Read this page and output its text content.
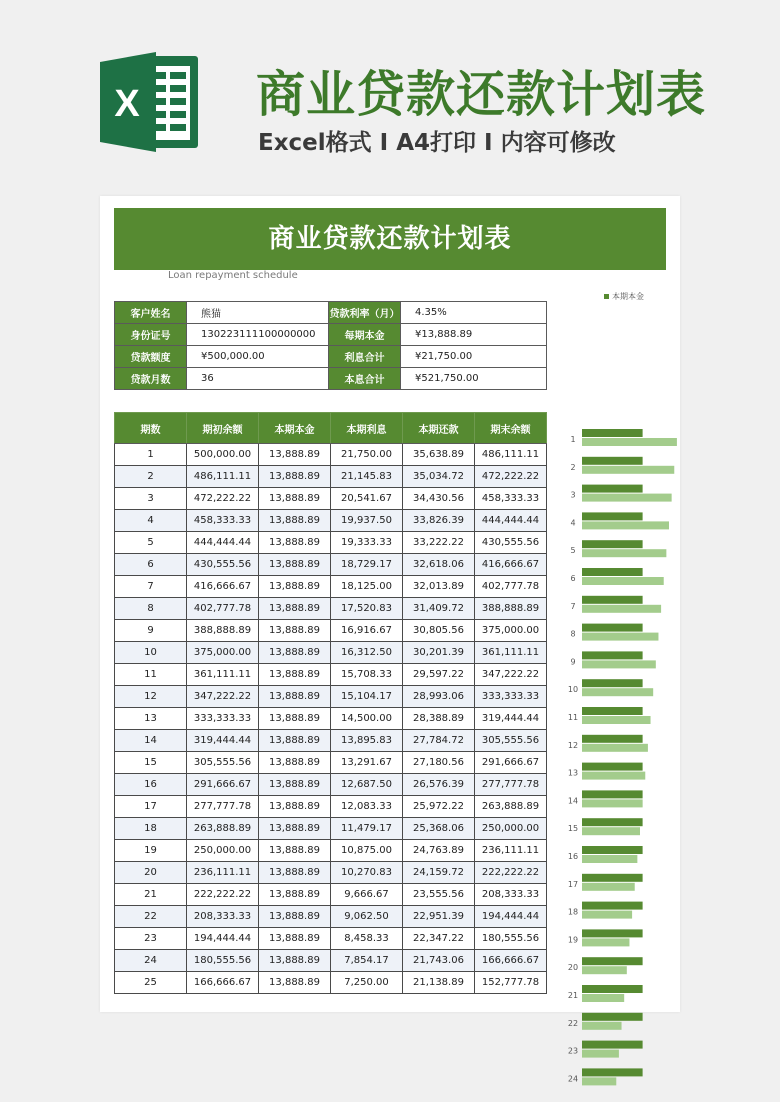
X 商业贷款还款计划表
Excel格式 I A4打印 I 内容可修改
商业贷款还款计划表
Loan repayment schedule
客户姓名	熊猫	贷款利率（月）	4.35%
身份证号	130223111100000000	每期本金	¥13,888.89
贷款额度	¥500,000.00	利息合计	¥21,750.00
贷款月数	36	本息合计	¥521,750.00
期数	期初余额	本期本金	本期利息	本期还款	期末余额
1	500,000.00	13,888.89	21,750.00	35,638.89	486,111.11
2	486,111.11	13,888.89	21,145.83	35,034.72	472,222.22
3	472,222.22	13,888.89	20,541.67	34,430.56	458,333.33
4	458,333.33	13,888.89	19,937.50	33,826.39	444,444.44
5	444,444.44	13,888.89	19,333.33	33,222.22	430,555.56
6	430,555.56	13,888.89	18,729.17	32,618.06	416,666.67
7	416,666.67	13,888.89	18,125.00	32,013.89	402,777.78
8	402,777.78	13,888.89	17,520.83	31,409.72	388,888.89
9	388,888.89	13,888.89	16,916.67	30,805.56	375,000.00
10	375,000.00	13,888.89	16,312.50	30,201.39	361,111.11
11	361,111.11	13,888.89	15,708.33	29,597.22	347,222.22
12	347,222.22	13,888.89	15,104.17	28,993.06	333,333.33
13	333,333.33	13,888.89	14,500.00	28,388.89	319,444.44
14	319,444.44	13,888.89	13,895.83	27,784.72	305,555.56
15	305,555.56	13,888.89	13,291.67	27,180.56	291,666.67
16	291,666.67	13,888.89	12,687.50	26,576.39	277,777.78
17	277,777.78	13,888.89	12,083.33	25,972.22	263,888.89
18	263,888.89	13,888.89	11,479.17	25,368.06	250,000.00
19	250,000.00	13,888.89	10,875.00	24,763.89	236,111.11
20	236,111.11	13,888.89	10,270.83	24,159.72	222,222.22
21	222,222.22	13,888.89	9,666.67	23,555.56	208,333.33
22	208,333.33	13,888.89	9,062.50	22,951.39	194,444.44
23	194,444.44	13,888.89	8,458.33	22,347.22	180,555.56
24	180,555.56	13,888.89	7,854.17	21,743.06	166,666.67
25	166,666.67	13,888.89	7,250.00	21,138.89	152,777.78
本期本金
1
2
3
4
5
6
7
8
9
10
11
12
13
14
15
16
17
18
19
20
21
22
23
24
